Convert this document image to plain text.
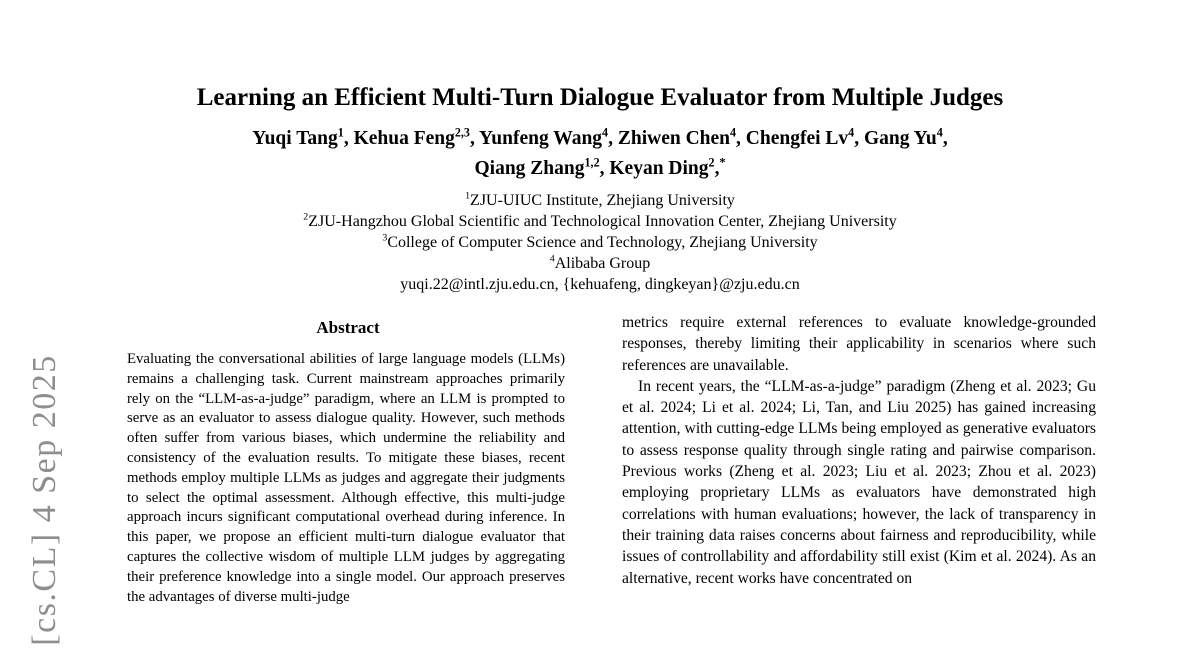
[cs.CL] 4 Sep 2025
Learning an Efficient Multi-Turn Dialogue Evaluator from Multiple Judges
Yuqi Tang$^1$, Kehua Feng$^{2,3}$, Yunfeng Wang$^4$, Zhiwen Chen$^4$, Chengfei Lv$^4$, Gang Yu$^4$,
Qiang Zhang$^{1,2}$, Keyan Ding$^2$,*
$^1$ZJU-UIUC Institute, Zhejiang University
$^2$ZJU-Hangzhou Global Scientific and Technological Innovation Center, Zhejiang University
$^3$College of Computer Science and Technology, Zhejiang University
$^4$Alibaba Group
yuqi.22@intl.zju.edu.cn, {kehuafeng, dingkeyan}@zju.edu.cn
Abstract

Evaluating the conversational abilities of large language models (LLMs) remains a challenging task. Current mainstream approaches primarily rely on the “LLM-as-a-judge” paradigm, where an LLM is prompted to serve as an evaluator to assess dialogue quality. However, such methods often suffer from various biases, which undermine the reliability and consistency of the evaluation results. To mitigate these biases, recent methods employ multiple LLMs as judges and aggregate their judgments to select the optimal assessment. Although effective, this multi-judge approach incurs significant computational overhead during inference. In this paper, we propose an efficient multi-turn dialogue evaluator that captures the collective wisdom of multiple LLM judges by aggregating their preference knowledge into a single model. Our approach preserves the advantages of diverse multi-judge

metrics require external references to evaluate knowledge-grounded responses, thereby limiting their applicability in scenarios where such references are unavailable.

In recent years, the “LLM-as-a-judge” paradigm (Zheng et al. 2023; Gu et al. 2024; Li et al. 2024; Li, Tan, and Liu 2025) has gained increasing attention, with cutting-edge LLMs being employed as generative evaluators to assess response quality through single rating and pairwise comparison. Previous works (Zheng et al. 2023; Liu et al. 2023; Zhou et al. 2023) employing proprietary LLMs as evaluators have demonstrated high correlations with human evaluations; however, the lack of transparency in their training data raises concerns about fairness and reproducibility, while issues of controllability and affordability still exist (Kim et al. 2024). As an alternative, recent works have concentrated on
